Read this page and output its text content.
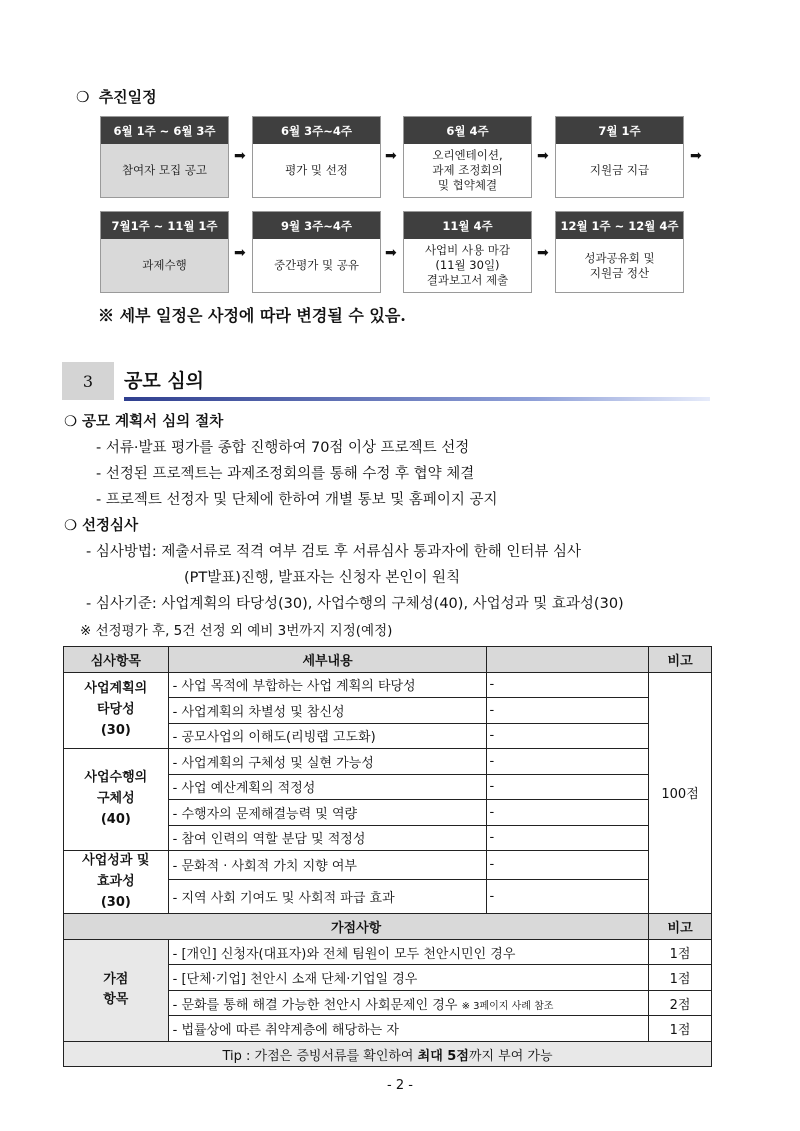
❍ 추진일정
6월 1주 ~ 6월 3주
참여자 모집 공고
➡
6월 3주~4주
평가 및 선정
➡
6월 4주
오리엔테이션,
과제 조정회의
및 협약체결
➡
7월 1주
지원금 지급
➡
7월1주 ~ 11월 1주
과제수행
➡
9월 3주~4주
중간평가 및 공유
➡
11월 4주
사업비 사용 마감
(11월 30일)
결과보고서 제출
➡
12월 1주 ~ 12월 4주
성과공유회 및
지원금 정산
※ 세부 일정은 사정에 따라 변경될 수 있음.
3	공모 심의
❍ 공모 계획서 심의 절차
- 서류·발표 평가를 종합 진행하여 70점 이상 프로젝트 선정
- 선정된 프로젝트는 과제조정회의를 통해 수정 후 협약 체결
- 프로젝트 선정자 및 단체에 한하여 개별 통보 및 홈페이지 공지
❍ 선정심사
- 심사방법: 제출서류로 적격 여부 검토 후 서류심사 통과자에 한해 인터뷰 심사
(PT발표)진행, 발표자는 신청자 본인이 원칙
- 심사기준: 사업계획의 타당성(30), 사업수행의 구체성(40), 사업성과 및 효과성(30)
※ 선정평가 후, 5건 선정 외 예비 3번까지 지정(예정)
심사항목	세부내용		비고
사업계획의
타당성
(30)	- 사업 목적에 부합하는 사업 계획의 타당성	-	100점
	- 사업계획의 차별성 및 참신성	-	
	- 공모사업의 이해도(리빙랩 고도화)	-	
사업수행의
구체성
(40)	- 사업계획의 구체성 및 실현 가능성	-	
	- 사업 예산계획의 적정성	-	
	- 수행자의 문제해결능력 및 역량	-	
	- 참여 인력의 역할 분담 및 적정성	-	
사업성과 및
효과성
(30)	- 문화적 · 사회적 가치 지향 여부	-	
	- 지역 사회 기여도 및 사회적 파급 효과	-	
가점사항			비고
가점
항목	- [개인] 신청자(대표자)와 전체 팀원이 모두 천안시민인 경우		1점
	- [단체·기업] 천안시 소재 단체·기업일 경우		1점
	- 문화를 통해 해결 가능한 천안시 사회문제인 경우 ※ 3페이지 사례 참조		2점
	- 법률상에 따른 취약계층에 해당하는 자		1점
Tip : 가점은 증빙서류를 확인하여 최대 5점까지 부여 가능			
- 2 -
